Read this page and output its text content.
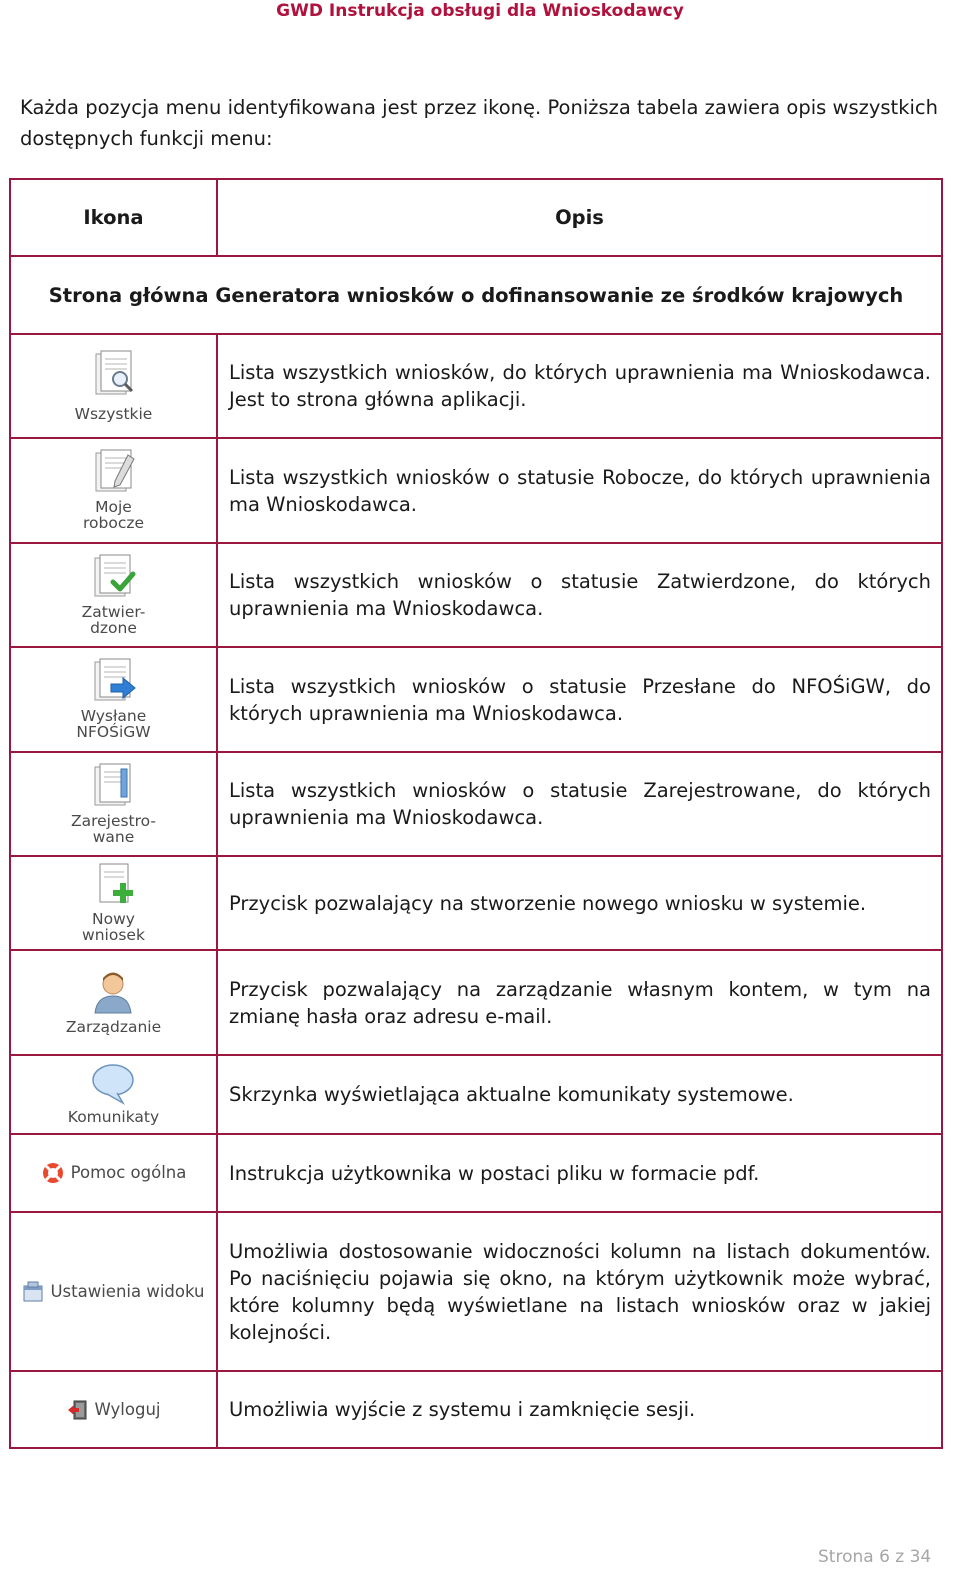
GWD Instrukcja obsługi dla Wnioskodawcy
Każda pozycja menu identyfikowana jest przez ikonę. Poniższa tabela zawiera opis wszystkich dostępnych funkcji menu:
Ikona	Opis
Strona główna Generatora wniosków o dofinansowanie ze środków krajowych	

Wszystkie	Lista wszystkich wniosków, do których uprawnienia ma Wnioskodawca. Jest to strona główna aplikacji.

Moje
robocze	Lista wszystkich wniosków o statusie Robocze, do których uprawnienia ma Wnioskodawca.

Zatwier-
dzone	Lista wszystkich wniosków o statusie Zatwierdzone, do których uprawnienia ma Wnioskodawca.

Wysłane
NFOŚiGW	Lista wszystkich wniosków o statusie Przesłane do NFOŚiGW, do których uprawnienia ma Wnioskodawca.

Zarejestro-
wane	Lista wszystkich wniosków o statusie Zarejestrowane, do których uprawnienia ma Wnioskodawca.

Nowy
wniosek	Przycisk pozwalający na stworzenie nowego wniosku w systemie.

Zarządzanie	Przycisk pozwalający na zarządzanie własnym kontem, w tym na zmianę hasła oraz adresu e-mail.

Komunikaty	Skrzynka wyświetlająca aktualne komunikaty systemowe.

Pomoc ogólna	Instrukcja użytkownika w postaci pliku w formacie pdf.

Ustawienia widoku	Umożliwia dostosowanie widoczności kolumn na listach dokumentów. Po naciśnięciu pojawia się okno, na którym użytkownik może wybrać, które kolumny będą wyświetlane na listach wniosków oraz w jakiej kolejności.

Wyloguj	Umożliwia wyjście z systemu i zamknięcie sesji.
Strona 6 z 34
